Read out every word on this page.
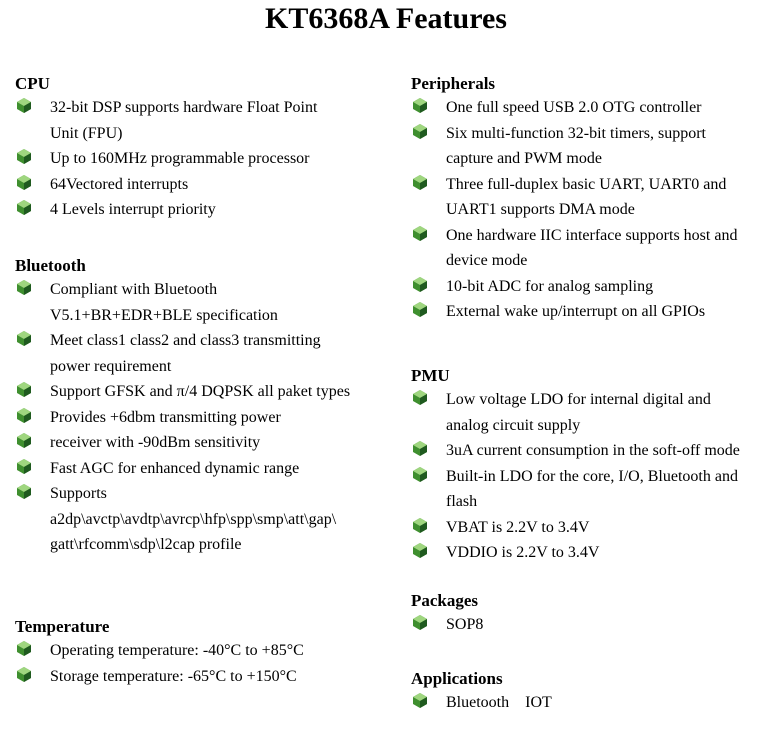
KT6368A Features
CPU
32-bit DSP supports hardware Float Point
Unit (FPU)
Up to 160MHz programmable processor
64Vectored interrupts
4 Levels interrupt priority
Bluetooth
Compliant with Bluetooth
V5.1+BR+EDR+BLE specification
Meet class1 class2 and class3 transmitting
power requirement
Support GFSK and π/4 DQPSK all paket types
Provides +6dbm transmitting power
receiver with -90dBm sensitivity
Fast AGC for enhanced dynamic range
Supports
a2dp\avctp\avdtp\avrcp\hfp\spp\smp\att\gap\
gatt\rfcomm\sdp\l2cap profile
Temperature
Operating temperature: -40°C to +85°C
Storage temperature: -65°C to +150°C
Peripherals
One full speed USB 2.0 OTG controller
Six multi-function 32-bit timers, support
capture and PWM mode
Three full-duplex basic UART, UART0 and
UART1 supports DMA mode
One hardware IIC interface supports host and
device mode
10-bit ADC for analog sampling
External wake up/interrupt on all GPIOs
PMU
Low voltage LDO for internal digital and
analog circuit supply
3uA current consumption in the soft-off mode
Built-in LDO for the core, I/O, Bluetooth and
flash
VBAT is 2.2V to 3.4V
VDDIO is 2.2V to 3.4V
Packages
SOP8
Applications
Bluetooth    IOT
